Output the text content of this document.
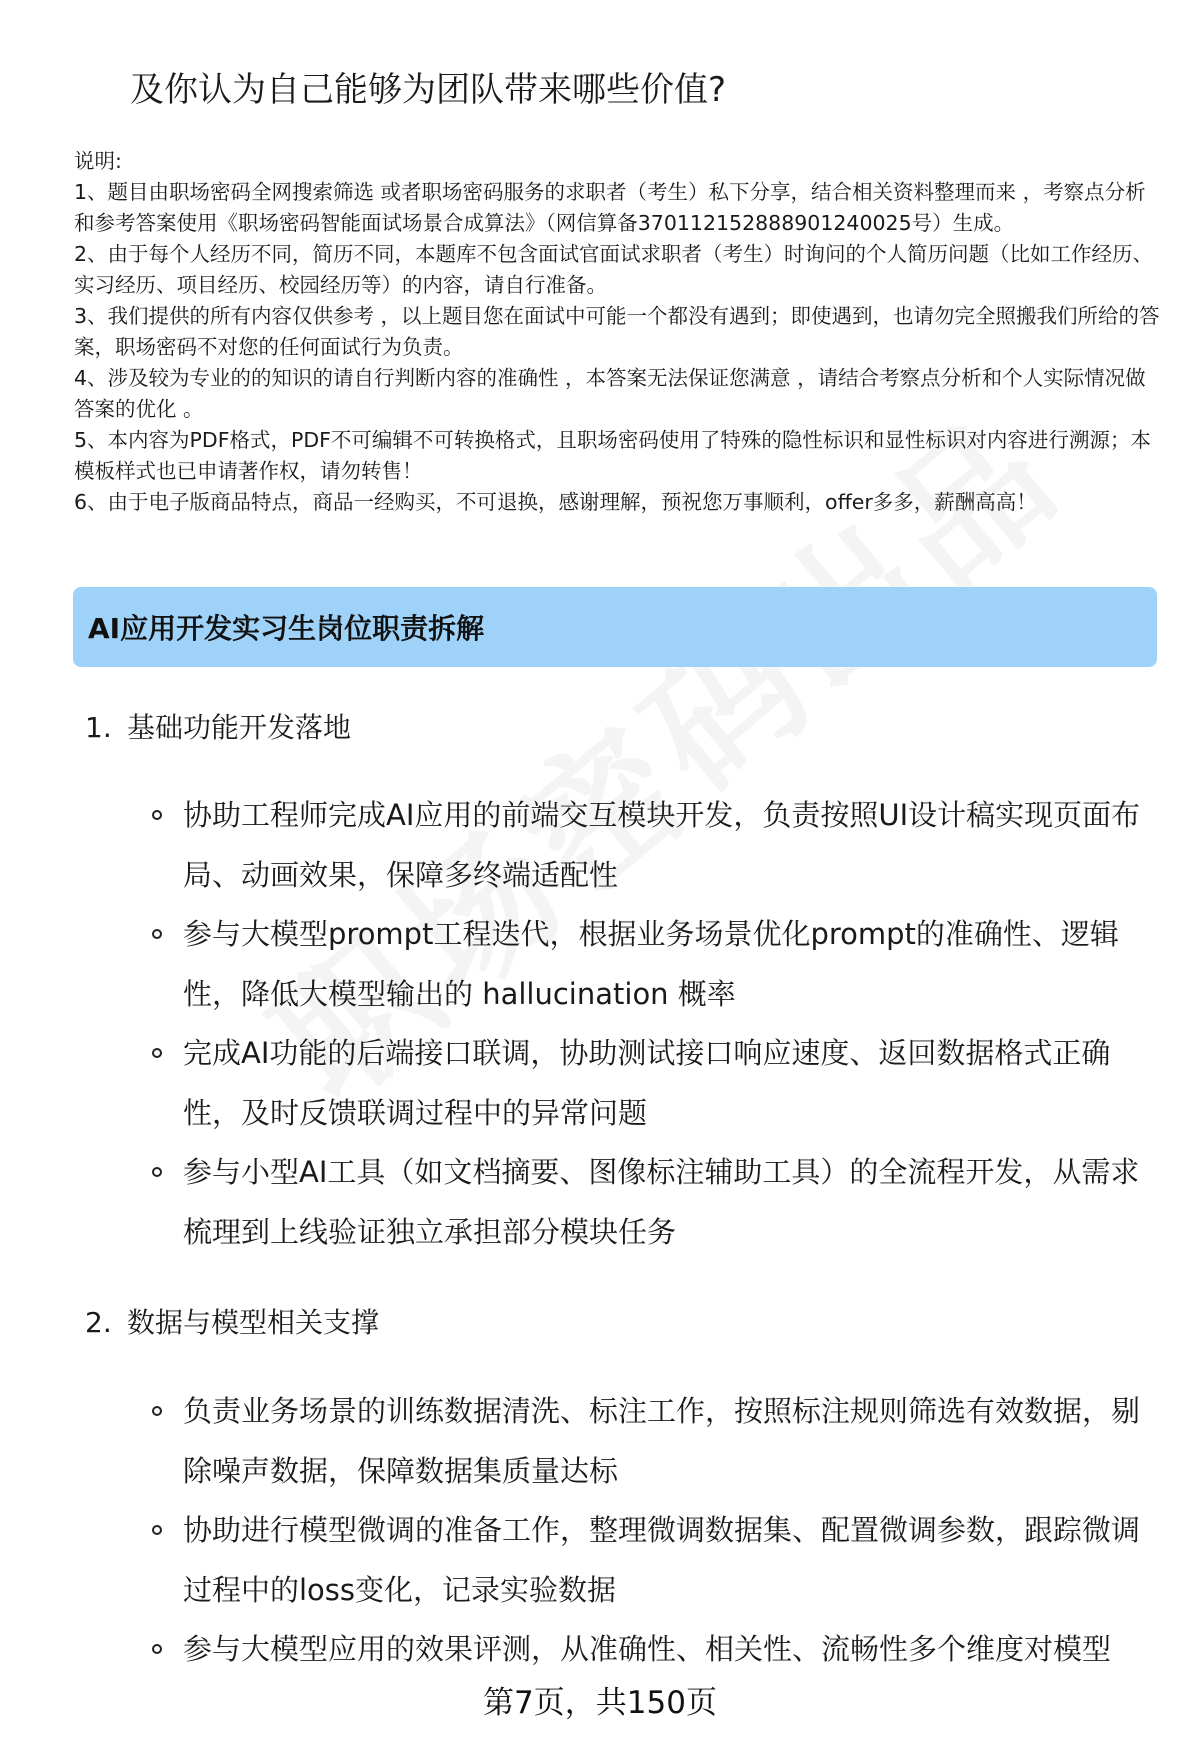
及你认为自己能够为团队带来哪些价值?

说明:

1、题目由职场密码全网搜索筛选 或者职场密码服务的求职者（考生）私下分享，结合相关资料整理而来 ，考察点分析和参考答案使用《职场密码智能面试场景合成算法》（网信算备370112152888901240025号）生成。

2、由于每个人经历不同，简历不同，本题库不包含面试官面试求职者（考生）时询问的个人简历问题（比如工作经历、实习经历、项目经历、校园经历等）的内容，请自行准备。

3、我们提供的所有内容仅供参考 ，以上题目您在面试中可能一个都没有遇到；即使遇到，也请勿完全照搬我们所给的答案，职场密码不对您的任何面试行为负责。

4、涉及较为专业的的知识的请自行判断内容的准确性 ，本答案无法保证您满意 ，请结合考察点分析和个人实际情况做答案的优化 。

5、本内容为PDF格式，PDF不可编辑不可转换格式，且职场密码使用了特殊的隐性标识和显性标识对内容进行溯源；本模板样式也已申请著作权，请勿转售！

6、由于电子版商品特点，商品一经购买，不可退换，感谢理解，预祝您万事顺利，offer多多，薪酬高高！

AI应用开发实习生岗位职责拆解
1. 基础功能开发落地
协助工程师完成AI应用的前端交互模块开发，负责按照UI设计稿实现页面布局、动画效果，保障多终端适配性
参与大模型prompt工程迭代，根据业务场景优化prompt的准确性、逻辑性，降低大模型输出的 hallucination 概率
完成AI功能的后端接口联调，协助测试接口响应速度、返回数据格式正确性，及时反馈联调过程中的异常问题
参与小型AI工具（如文档摘要、图像标注辅助工具）的全流程开发，从需求梳理到上线验证独立承担部分模块任务
2. 数据与模型相关支撑
负责业务场景的训练数据清洗、标注工作，按照标注规则筛选有效数据，剔除噪声数据，保障数据集质量达标
协助进行模型微调的准备工作，整理微调数据集、配置微调参数，跟踪微调过程中的loss变化，记录实验数据
参与大模型应用的效果评测，从准确性、相关性、流畅性多个维度对模型
第7页，共150页
